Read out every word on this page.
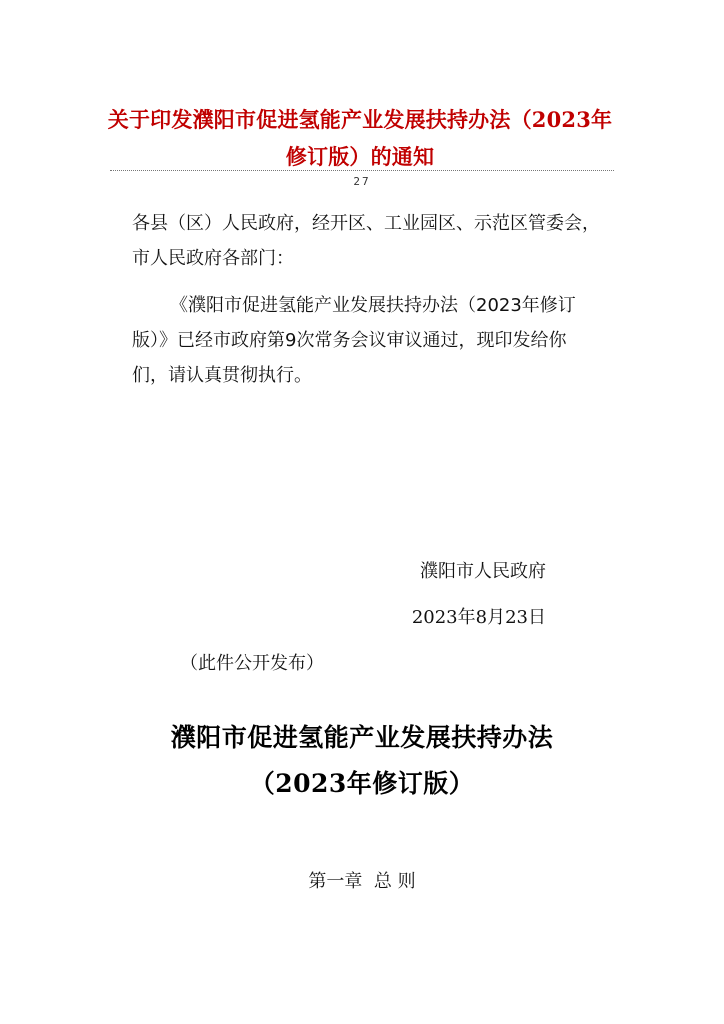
关于印发濮阳市促进氢能产业发展扶持办法（2023年修订版）的通知
27
各县（区）人民政府，经开区、工业园区、示范区管委会，市人民政府各部门：
《濮阳市促进氢能产业发展扶持办法（2023年修订版）》已经市政府第9次常务会议审议通过，现印发给你们，请认真贯彻执行。
濮阳市人民政府
2023年8月23日
（此件公开发布）
濮阳市促进氢能产业发展扶持办法
（2023年修订版）
第一章  总 则
